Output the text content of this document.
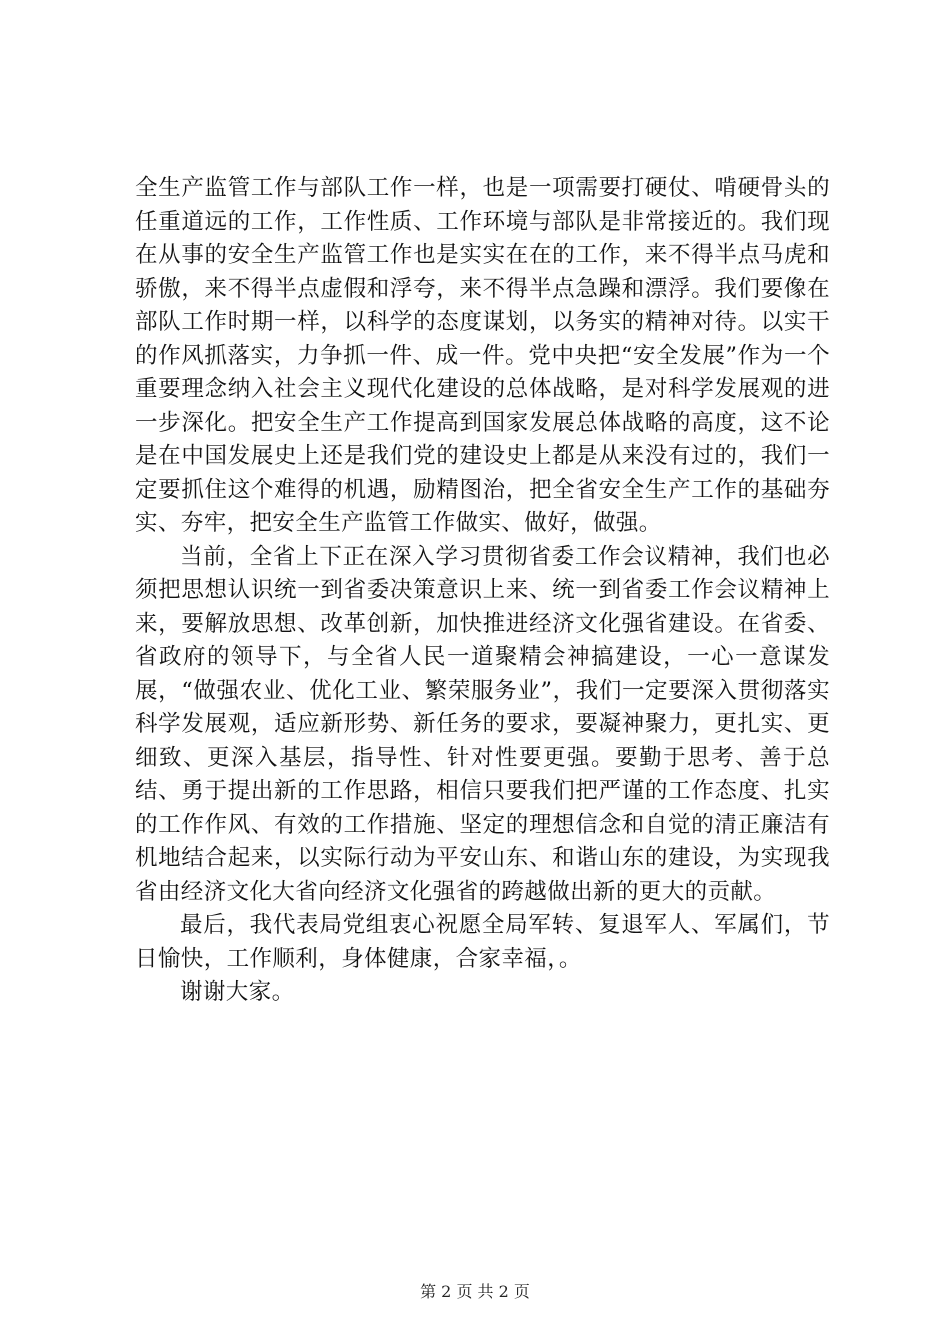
全生产监管工作与部队工作一样，也是一项需要打硬仗、啃硬骨头的任重道远的工作，工作性质、工作环境与部队是非常接近的。我们现在从事的安全生产监管工作也是实实在在的工作，来不得半点马虎和骄傲，来不得半点虚假和浮夸，来不得半点急躁和漂浮。我们要像在部队工作时期一样，以科学的态度谋划，以务实的精神对待。以实干的作风抓落实，力争抓一件、成一件。党中央把“安全发展”作为一个重要理念纳入社会主义现代化建设的总体战略，是对科学发展观的进一步深化。把安全生产工作提高到国家发展总体战略的高度，这不论是在中国发展史上还是我们党的建设史上都是从来没有过的，我们一定要抓住这个难得的机遇，励精图治，把全省安全生产工作的基础夯实、夯牢，把安全生产监管工作做实、做好，做强。

当前，全省上下正在深入学习贯彻省委工作会议精神，我们也必须把思想认识统一到省委决策意识上来、统一到省委工作会议精神上来，要解放思想、改革创新，加快推进经济文化强省建设。在省委、省政府的领导下，与全省人民一道聚精会神搞建设，一心一意谋发展，“做强农业、优化工业、繁荣服务业”，我们一定要深入贯彻落实科学发展观，适应新形势、新任务的要求，要凝神聚力，更扎实、更细致、更深入基层，指导性、针对性要更强。要勤于思考、善于总结、勇于提出新的工作思路，相信只要我们把严谨的工作态度、扎实的工作作风、有效的工作措施、坚定的理想信念和自觉的清正廉洁有机地结合起来，以实际行动为平安山东、和谐山东的建设，为实现我省由经济文化大省向经济文化强省的跨越做出新的更大的贡献。

最后，我代表局党组衷心祝愿全局军转、复退军人、军属们，节日愉快，工作顺利，身体健康，合家幸福，。

谢谢大家。

第 2 页 共 2 页
